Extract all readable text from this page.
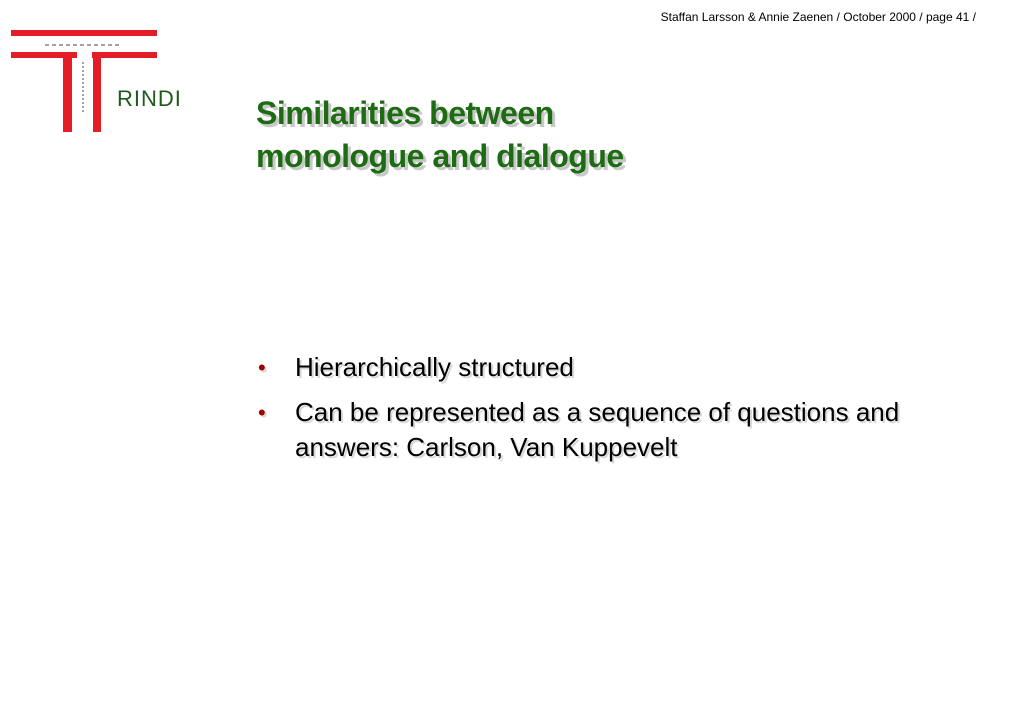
Staffan Larsson & Annie Zaenen / October 2000 / page 41 /
RINDI Similarities between
monologue and dialogue
• Hierarchically structured
• Can be represented as a sequence of questions and answers: Carlson, Van Kuppevelt
